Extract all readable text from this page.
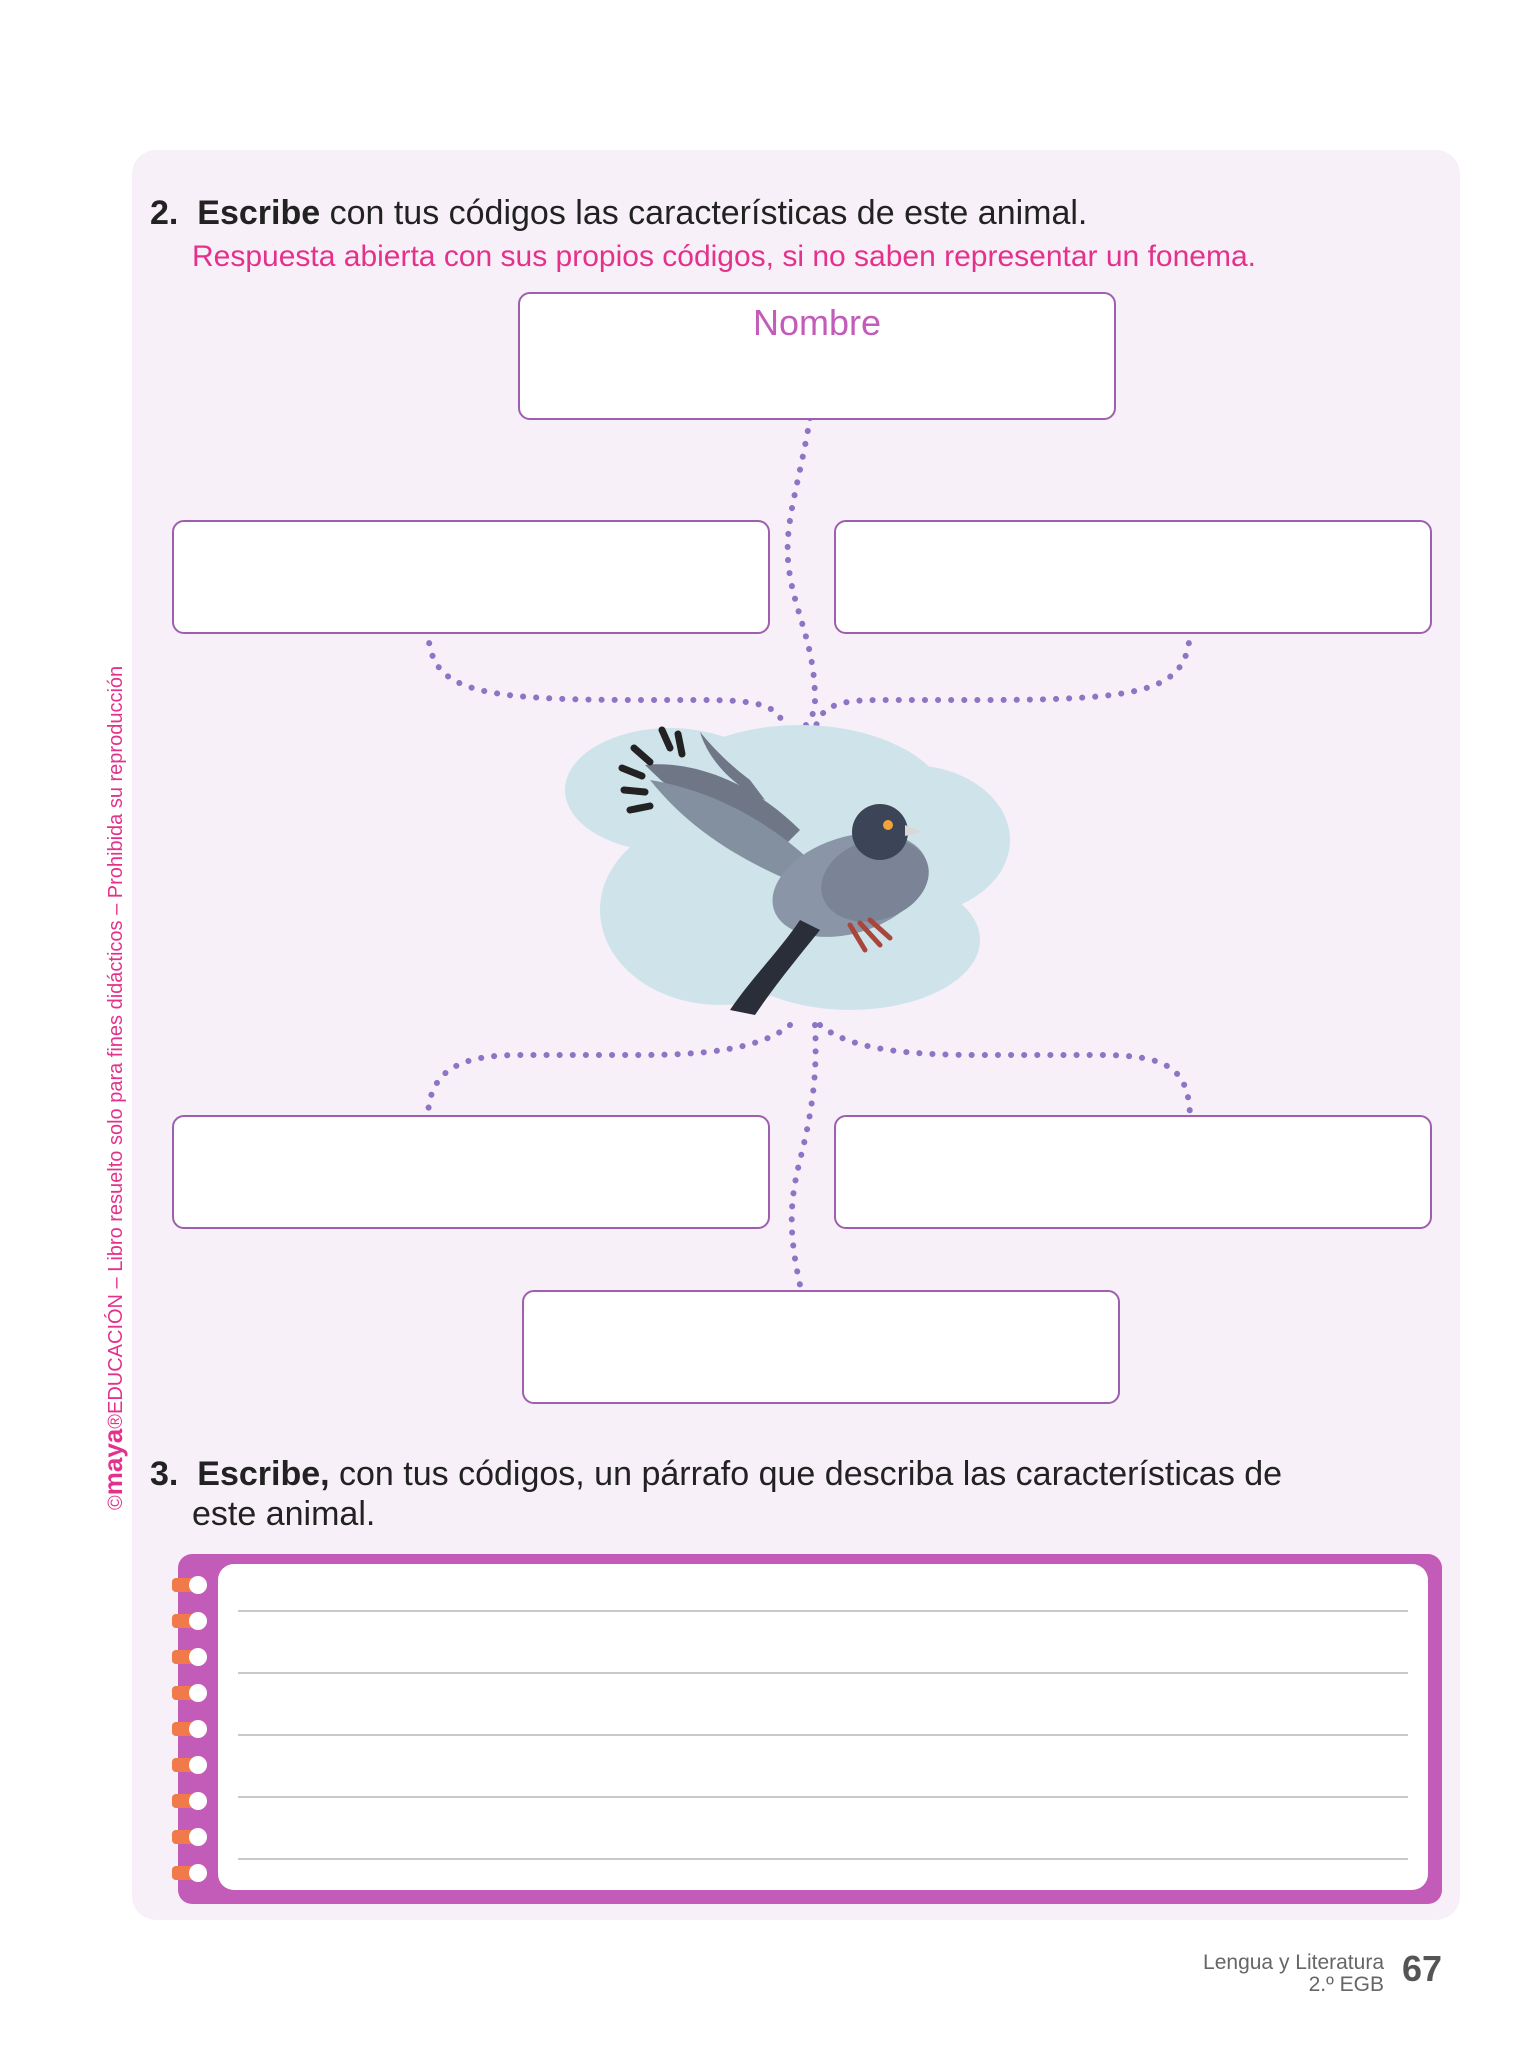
©maya®EDUCACIÓN – Libro resuelto solo para fines didácticos – Prohibida su reproducción
2. Escribe con tus códigos las características de este animal.
Respuesta abierta con sus propios códigos, si no saben representar un fonema.
Nombre
3. Escribe, con tus códigos, un párrafo que describa las características de
este animal.
Lengua y Literatura
2.º EGB 67
